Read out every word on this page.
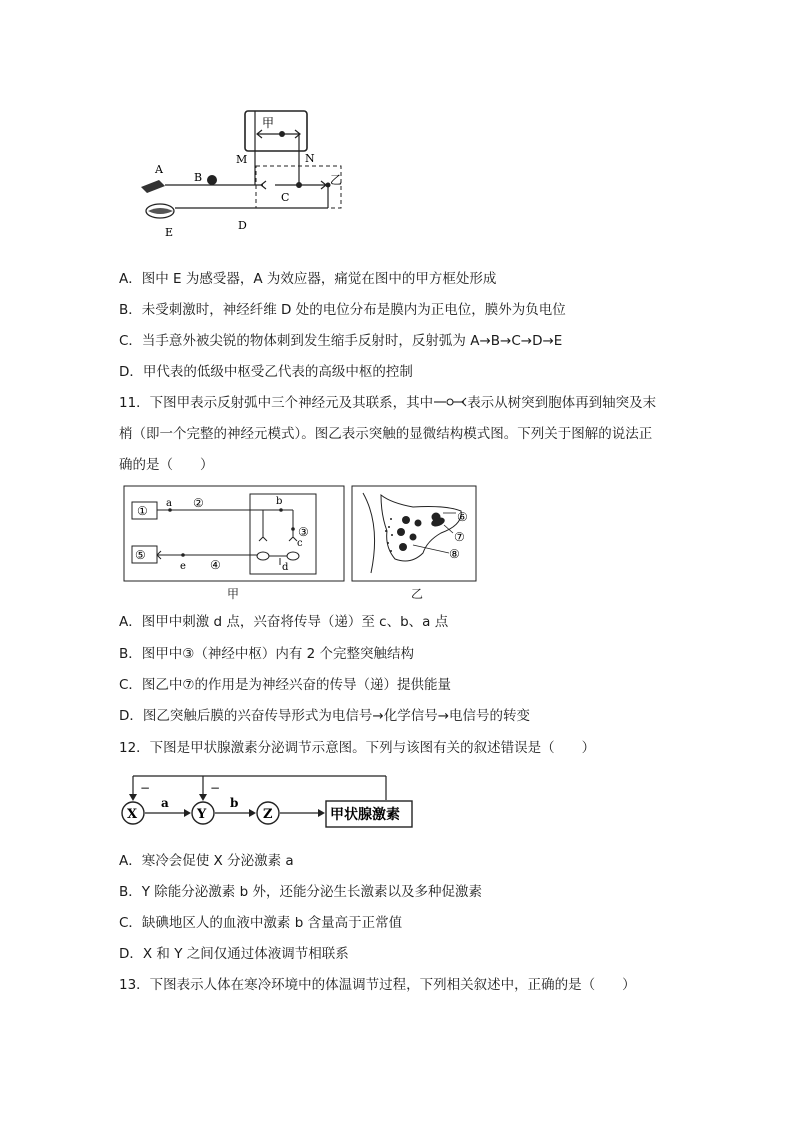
甲
M	N
A
B
C
乙
D
E
A．图中 E 为感受器，A 为效应器，痛觉在图中的甲方框处形成
B．未受刺激时，神经纤维 D 处的电位分布是膜内为正电位，膜外为负电位
C．当手意外被尖锐的物体刺到发生缩手反射时，反射弧为 A→B→C→D→E
D．甲代表的低级中枢受乙代表的高级中枢的控制
11．下图甲表示反射弧中三个神经元及其联系，其中	表示从树突到胞体再到轴突及末
梢（即一个完整的神经元模式）。图乙表示突触的显微结构模式图。下列关于图解的说法正
确的是（　　）
①
a ②	b
③
c
d
⑤
e ④
甲
⑥
⑦
⑧
乙
A．图甲中刺激 d 点，兴奋将传导（递）至 c、b、a 点
B．图甲中③（神经中枢）内有 2 个完整突触结构
C．图乙中⑦的作用是为神经兴奋的传导（递）提供能量
D．图乙突触后膜的兴奋传导形式为电信号→化学信号→电信号的转变
12．下图是甲状腺激素分泌调节示意图。下列与该图有关的叙述错误是（　　）
−	−
X
a
Y
b
Z	甲状腺激素
A．寒冷会促使 X 分泌激素 a
B．Y 除能分泌激素 b 外，还能分泌生长激素以及多种促激素
C．缺碘地区人的血液中激素 b 含量高于正常值
D．X 和 Y 之间仅通过体液调节相联系
13．下图表示人体在寒冷环境中的体温调节过程，下列相关叙述中，正确的是（　　）
